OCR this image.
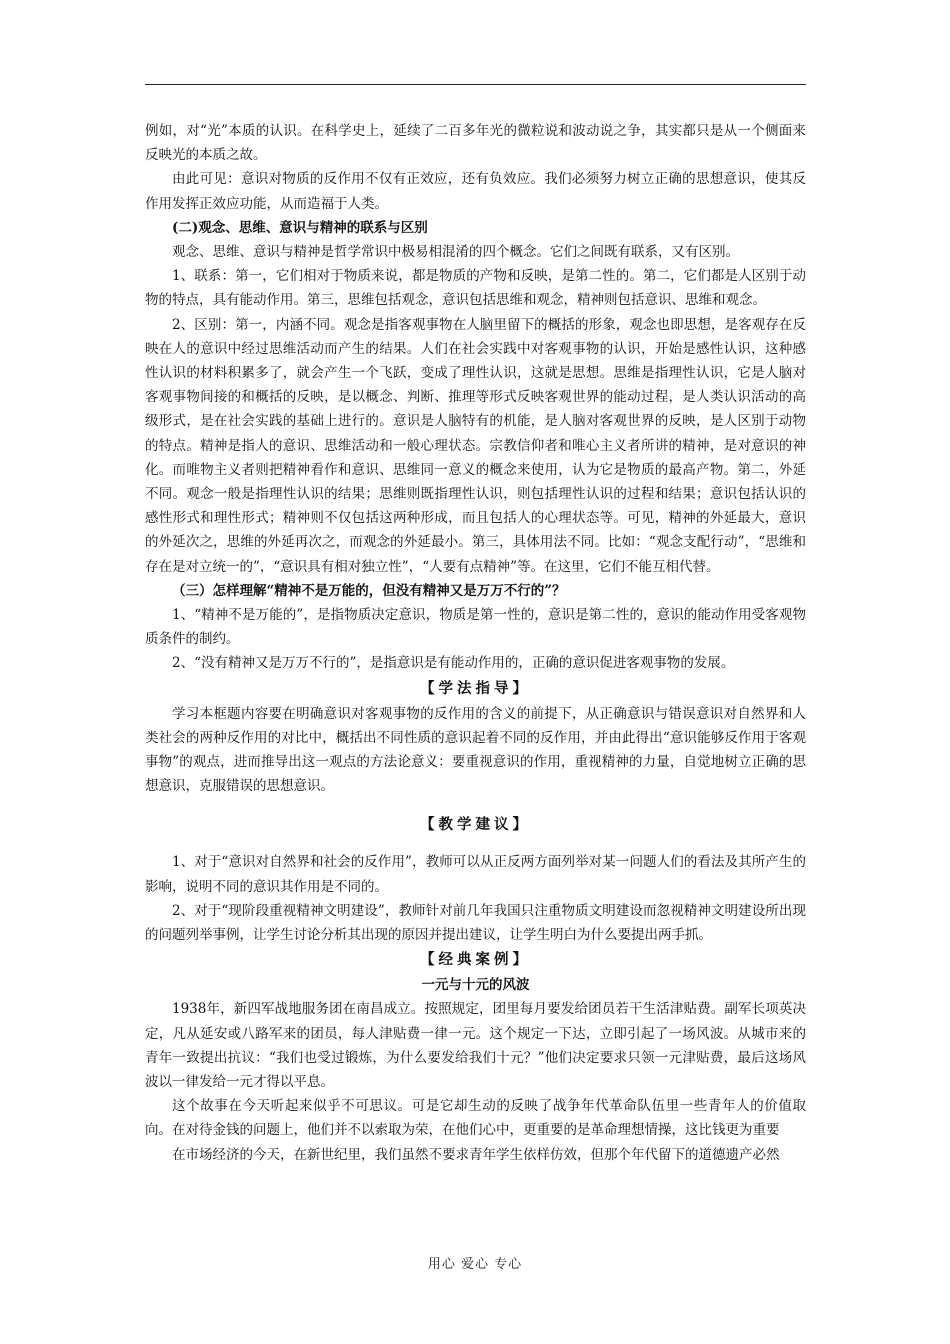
例如，对“光”本质的认识。在科学史上，延续了二百多年光的微粒说和波动说之争，其实都只是从一个侧面来反映光的本质之故。

由此可见：意识对物质的反作用不仅有正效应，还有负效应。我们必须努力树立正确的思想意识，使其反作用发挥正效应功能，从而造福于人类。

(二)观念、思维、意识与精神的联系与区别

观念、思维、意识与精神是哲学常识中极易相混淆的四个概念。它们之间既有联系，又有区别。

1、联系：第一，它们相对于物质来说，都是物质的产物和反映，是第二性的。第二，它们都是人区别于动物的特点，具有能动作用。第三，思维包括观念，意识包括思维和观念，精神则包括意识、思维和观念。

2、区别：第一，内涵不同。观念是指客观事物在人脑里留下的概括的形象，观念也即思想，是客观存在反映在人的意识中经过思维活动而产生的结果。人们在社会实践中对客观事物的认识，开始是感性认识，这种感性认识的材料积累多了，就会产生一个飞跃，变成了理性认识，这就是思想。思维是指理性认识，它是人脑对客观事物间接的和概括的反映，是以概念、判断、推理等形式反映客观世界的能动过程，是人类认识活动的高级形式，是在社会实践的基础上进行的。意识是人脑特有的机能，是人脑对客观世界的反映，是人区别于动物的特点。精神是指人的意识、思维活动和一般心理状态。宗教信仰者和唯心主义者所讲的精神，是对意识的神化。而唯物主义者则把精神看作和意识、思维同一意义的概念来使用，认为它是物质的最高产物。第二，外延不同。观念一般是指理性认识的结果；思维则既指理性认识，则包括理性认识的过程和结果；意识包括认识的感性形式和理性形式；精神则不仅包括这两种形成，而且包括人的心理状态等。可见，精神的外延最大，意识的外延次之，思维的外延再次之，而观念的外延最小。第三，具体用法不同。比如：“观念支配行动”，“思维和存在是对立统一的”，“意识具有相对独立性”，“人要有点精神”等。在这里，它们不能互相代替。

（三）怎样理解“精神不是万能的，但没有精神又是万万不行的”？

1、“精神不是万能的”，是指物质决定意识，物质是第一性的，意识是第二性的，意识的能动作用受客观物质条件的制约。

2、“没有精神又是万万不行的”，是指意识是有能动作用的，正确的意识促进客观事物的发展。

【学法指导】

学习本框题内容要在明确意识对客观事物的反作用的含义的前提下，从正确意识与错误意识对自然界和人类社会的两种反作用的对比中，概括出不同性质的意识起着不同的反作用，并由此得出“意识能够反作用于客观事物”的观点，进而推导出这一观点的方法论意义：要重视意识的作用，重视精神的力量，自觉地树立正确的思想意识，克服错误的思想意识。

【教学建议】

1、对于“意识对自然界和社会的反作用”，教师可以从正反两方面列举对某一问题人们的看法及其所产生的影响，说明不同的意识其作用是不同的。

2、对于“现阶段重视精神文明建设”，教师针对前几年我国只注重物质文明建设而忽视精神文明建设所出现的问题列举事例，让学生讨论分析其出现的原因并提出建议，让学生明白为什么要提出两手抓。

【经典案例】

一元与十元的风波

1938年，新四军战地服务团在南昌成立。按照规定，团里每月要发给团员若干生活津贴费。副军长项英决定，凡从延安或八路军来的团员，每人津贴费一律一元。这个规定一下达，立即引起了一场风波。从城市来的青年一致提出抗议：“我们也受过锻炼，为什么要发给我们十元？”他们决定要求只领一元津贴费，最后这场风波以一律发给一元才得以平息。

这个故事在今天听起来似乎不可思议。可是它却生动的反映了战争年代革命队伍里一些青年人的价值取向。在对待金钱的问题上，他们并不以索取为荣，在他们心中，更重要的是革命理想情操，这比钱更为重要

在市场经济的今天，在新世纪里，我们虽然不要求青年学生依样仿效，但那个年代留下的道德遗产必然

用心 爱心 专心
